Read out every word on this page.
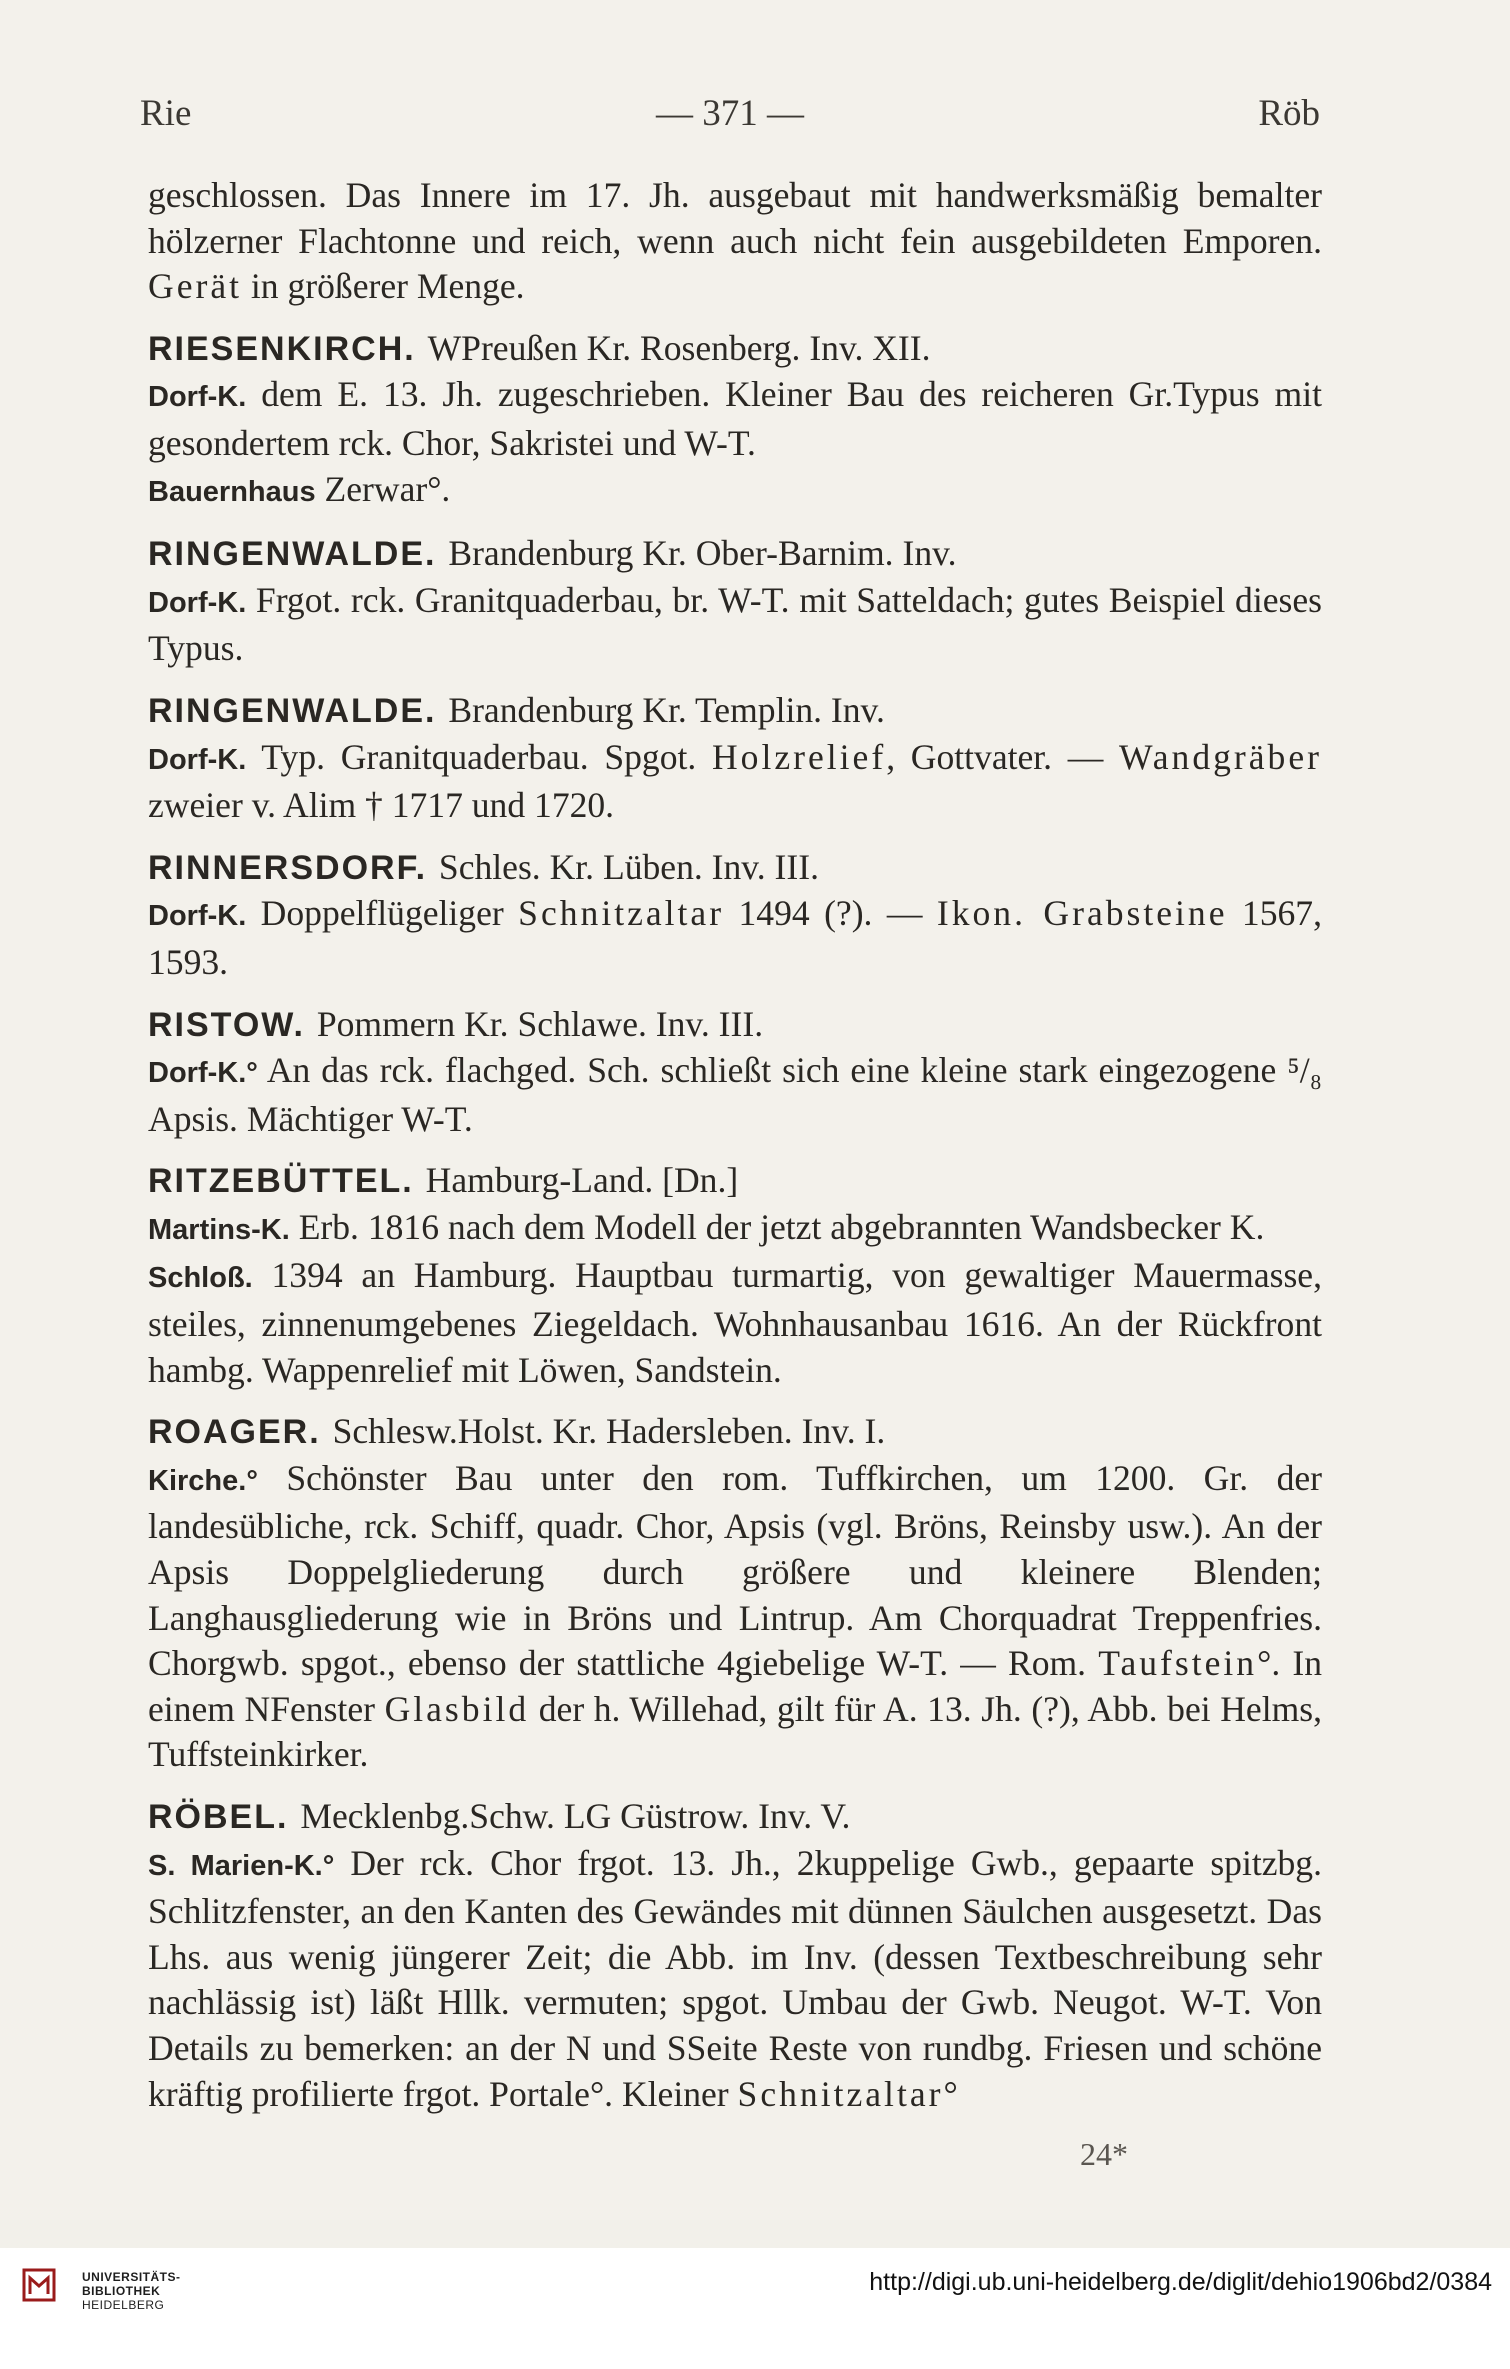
Rie	— 371 —	Röb

geschlossen. Das Innere im 17. Jh. ausgebaut mit handwerksmäßig bemalter hölzerner Flachtonne und reich, wenn auch nicht fein ausgebildeten Emporen. Gerät in größerer Menge.

RIESENKIRCH. WPreußen Kr. Rosenberg. Inv. XII.

Dorf-K. dem E. 13. Jh. zugeschrieben. Kleiner Bau des reicheren Gr.Typus mit gesondertem rck. Chor, Sakristei und W-T.

Bauernhaus Zerwar°.

RINGENWALDE. Brandenburg Kr. Ober-Barnim. Inv.

Dorf-K. Frgot. rck. Granitquaderbau, br. W-T. mit Satteldach; gutes Beispiel dieses Typus.

RINGENWALDE. Brandenburg Kr. Templin. Inv.

Dorf-K. Typ. Granitquaderbau. Spgot. Holzrelief, Gottvater. — Wandgräber zweier v. Alim † 1717 und 1720.

RINNERSDORF. Schles. Kr. Lüben. Inv. III.

Dorf-K. Doppelflügeliger Schnitzaltar 1494 (?). — Ikon. Grabsteine 1567, 1593.

RISTOW. Pommern Kr. Schlawe. Inv. III.

Dorf-K.° An das rck. flachged. Sch. schließt sich eine kleine stark eingezogene ⁵/₈ Apsis. Mächtiger W-T.

RITZEBÜTTEL. Hamburg-Land. [Dn.]

Martins-K. Erb. 1816 nach dem Modell der jetzt abgebrannten Wandsbecker K.

Schloß. 1394 an Hamburg. Hauptbau turmartig, von gewaltiger Mauermasse, steiles, zinnenumgebenes Ziegeldach. Wohnhausanbau 1616. An der Rückfront hambg. Wappenrelief mit Löwen, Sandstein.

ROAGER. Schlesw.Holst. Kr. Hadersleben. Inv. I.

Kirche.° Schönster Bau unter den rom. Tuffkirchen, um 1200. Gr. der landesübliche, rck. Schiff, quadr. Chor, Apsis (vgl. Bröns, Reinsby usw.). An der Apsis Doppelgliederung durch größere und kleinere Blenden; Langhausgliederung wie in Bröns und Lintrup. Am Chorquadrat Treppenfries. Chorgwb. spgot., ebenso der stattliche 4giebelige W-T. — Rom. Taufstein°. In einem NFenster Glasbild der h. Willehad, gilt für A. 13. Jh. (?), Abb. bei Helms, Tuffsteinkirker.

RÖBEL. Mecklenbg.Schw. LG Güstrow. Inv. V.

S. Marien-K.° Der rck. Chor frgot. 13. Jh., 2kuppelige Gwb., gepaarte spitzbg. Schlitzfenster, an den Kanten des Gewändes mit dünnen Säulchen ausgesetzt. Das Lhs. aus wenig jüngerer Zeit; die Abb. im Inv. (dessen Textbeschreibung sehr nachlässig ist) läßt Hllk. vermuten; spgot. Umbau der Gwb. Neugot. W-T. Von Details zu bemerken: an der N und SSeite Reste von rundbg. Friesen und schöne kräftig profilierte frgot. Portale°. Kleiner Schnitzaltar°

24*
UNIVERSITÄTS-
BIBLIOTHEK
HEIDELBERG
http://digi.ub.uni-heidelberg.de/diglit/dehio1906bd2/0384
